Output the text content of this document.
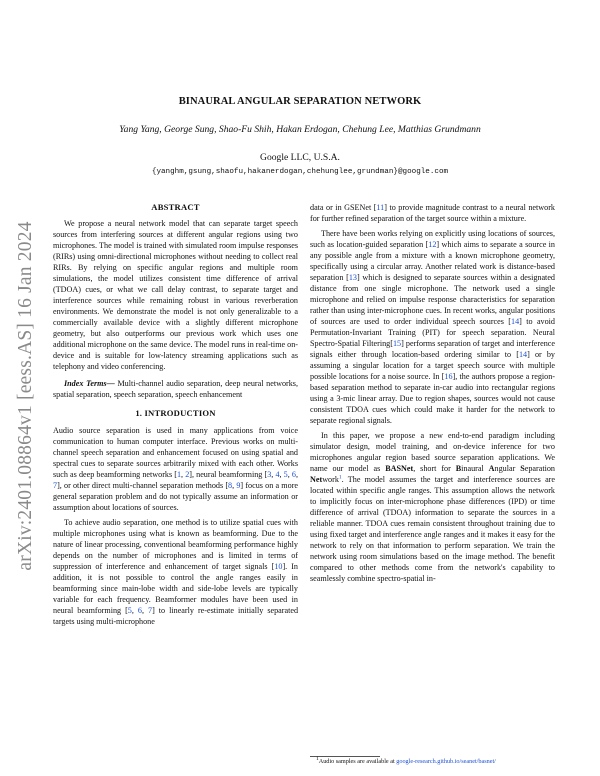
arXiv:2401.08864v1 [eess.AS] 16 Jan 2024
BINAURAL ANGULAR SEPARATION NETWORK
Yang Yang, George Sung, Shao-Fu Shih, Hakan Erdogan, Chehung Lee, Matthias Grundmann
Google LLC, U.S.A.
{yanghm,gsung,shaofu,hakanerdogan,chehunglee,grundman}@google.com
ABSTRACT

We propose a neural network model that can separate target speech sources from interfering sources at different angular regions using two microphones. The model is trained with simulated room impulse responses (RIRs) using omni-directional microphones without needing to collect real RIRs. By relying on specific angular regions and multiple room simulations, the model utilizes consistent time difference of arrival (TDOA) cues, or what we call delay contrast, to separate target and interference sources while remaining robust in various reverberation environments. We demonstrate the model is not only generalizable to a commercially available device with a slightly different microphone geometry, but also outperforms our previous work which uses one additional microphone on the same device. The model runs in real-time on-device and is suitable for low-latency streaming applications such as telephony and video conferencing.

Index Terms— Multi-channel audio separation, deep neural networks, spatial separation, speech separation, speech enhancement

1. INTRODUCTION

Audio source separation is used in many applications from voice communication to human computer interface. Previous works on multi-channel speech separation and enhancement focused on using spatial and spectral cues to separate sources arbitrarily mixed with each other. Works such as deep beamforming networks [1, 2], neural beamforming [3, 4, 5, 6, 7], or other direct multi-channel separation methods [8, 9] focus on a more general separation problem and do not typically assume an information or assumption about locations of sources.

To achieve audio separation, one method is to utilize spatial cues with multiple microphones using what is known as beamforming. Due to the nature of linear processing, conventional beamforming performance highly depends on the number of microphones and is limited in terms of suppression of interference and enhancement of target signals [10]. In addition, it is not possible to control the angle ranges easily in beamforming since main-lobe width and side-lobe levels are typically variable for each frequency. Beamformer modules have been used in neural beamforming [5, 6, 7] to linearly re-estimate initially separated targets using multi-microphone

data or in GSENet [11] to provide magnitude contrast to a neural network for further refined separation of the target source within a mixture.

There have been works relying on explicitly using locations of sources, such as location-guided separation [12] which aims to separate a source in any possible angle from a mixture with a known microphone geometry, specifically using a circular array. Another related work is distance-based separation [13] which is designed to separate sources within a designated distance from one single microphone. The network used a single microphone and relied on impulse response characteristics for separation rather than using inter-microphone cues. In recent works, angular positions of sources are used to order individual speech sources [14] to avoid Permutation-Invariant Training (PIT) for speech separation. Neural Spectro-Spatial Filtering[15] performs separation of target and interference signals either through location-based ordering similar to [14] or by assuming a singular location for a target speech source with multiple possible locations for a noise source. In [16], the authors propose a region-based separation method to separate in-car audio into rectangular regions using a 3-mic linear array. Due to region shapes, sources would not cause consistent TDOA cues which could make it harder for the network to separate regional signals.

In this paper, we propose a new end-to-end paradigm including simulator design, model training, and on-device inference for two microphones angular region based source separation applications. We name our model as BASNet, short for Binaural Angular Separation Network$^1$. The model assumes the target and interference sources are located within specific angle ranges. This assumption allows the network to implicitly focus on inter-microphone phase differences (IPD) or time difference of arrival (TDOA) information to separate the sources in a reliable manner. TDOA cues remain consistent throughout training due to using fixed target and interference angle ranges and it makes it easy for the network to rely on that information to perform separation. We train the network using room simulations based on the image method. The benefit compared to other methods come from the network's capability to seamlessly combine spectro-spatial in-

$^1$Audio samples are available at google-research.github.io/seanet/basnet/
